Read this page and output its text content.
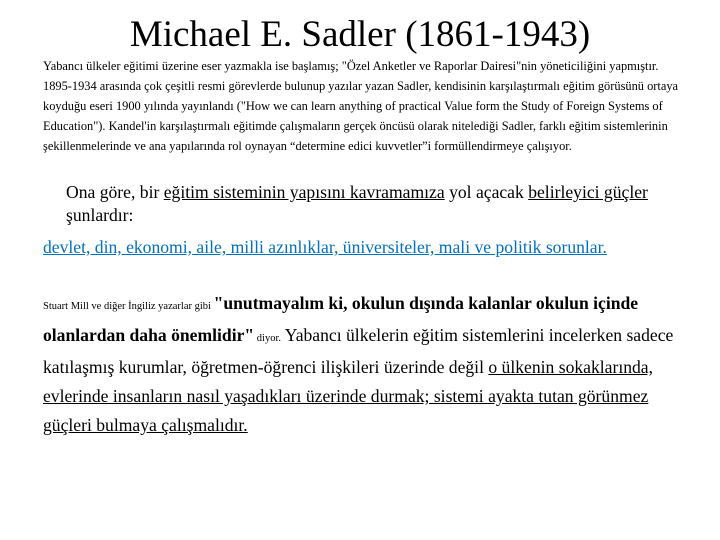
Michael E. Sadler (1861-1943)
Yabancı ülkeler eğitimi üzerine eser yazmakla ise başlamış; "Özel Anketler ve Raporlar Dairesi"nin yöneticiliğini yapmıştır. 1895-1934 arasında çok çeşitli resmi görevlerde bulunup yazılar yazan Sadler, kendisinin karşılaştırmalı eğitim görüsünü ortaya koyduğu eseri 1900 yılında yayınlandı ("How we can learn anything of practical Value form the Study of Foreign Systems of Education"). Kandel'in karşılaştırmalı eğitimde çalışmaların gerçek öncüsü olarak nitelediği Sadler, farklı eğitim sistemlerinin şekillenmelerinde ve ana yapılarında rol oynayan “determine edici kuvvetler”i formüllendirmeye çalışıyor.
Ona göre, bir eğitim sisteminin yapısını kavramamıza yol açacak belirleyici güçler şunlardır:
devlet, din, ekonomi, aile, milli azınlıklar, üniversiteler, mali ve politik sorunlar.
Stuart Mill ve diğer İngiliz yazarlar gibi "unutmayalım ki, okulun dışında kalanlar okulun içinde olanlardan daha önemlidir" diyor. Yabancı ülkelerin eğitim sistemlerini incelerken sadece katılaşmış kurumlar, öğretmen-öğrenci ilişkileri üzerinde değil o ülkenin sokaklarında, evlerinde insanların nasıl yaşadıkları üzerinde durmak; sistemi ayakta tutan görünmez güçleri bulmaya çalışmalıdır.
